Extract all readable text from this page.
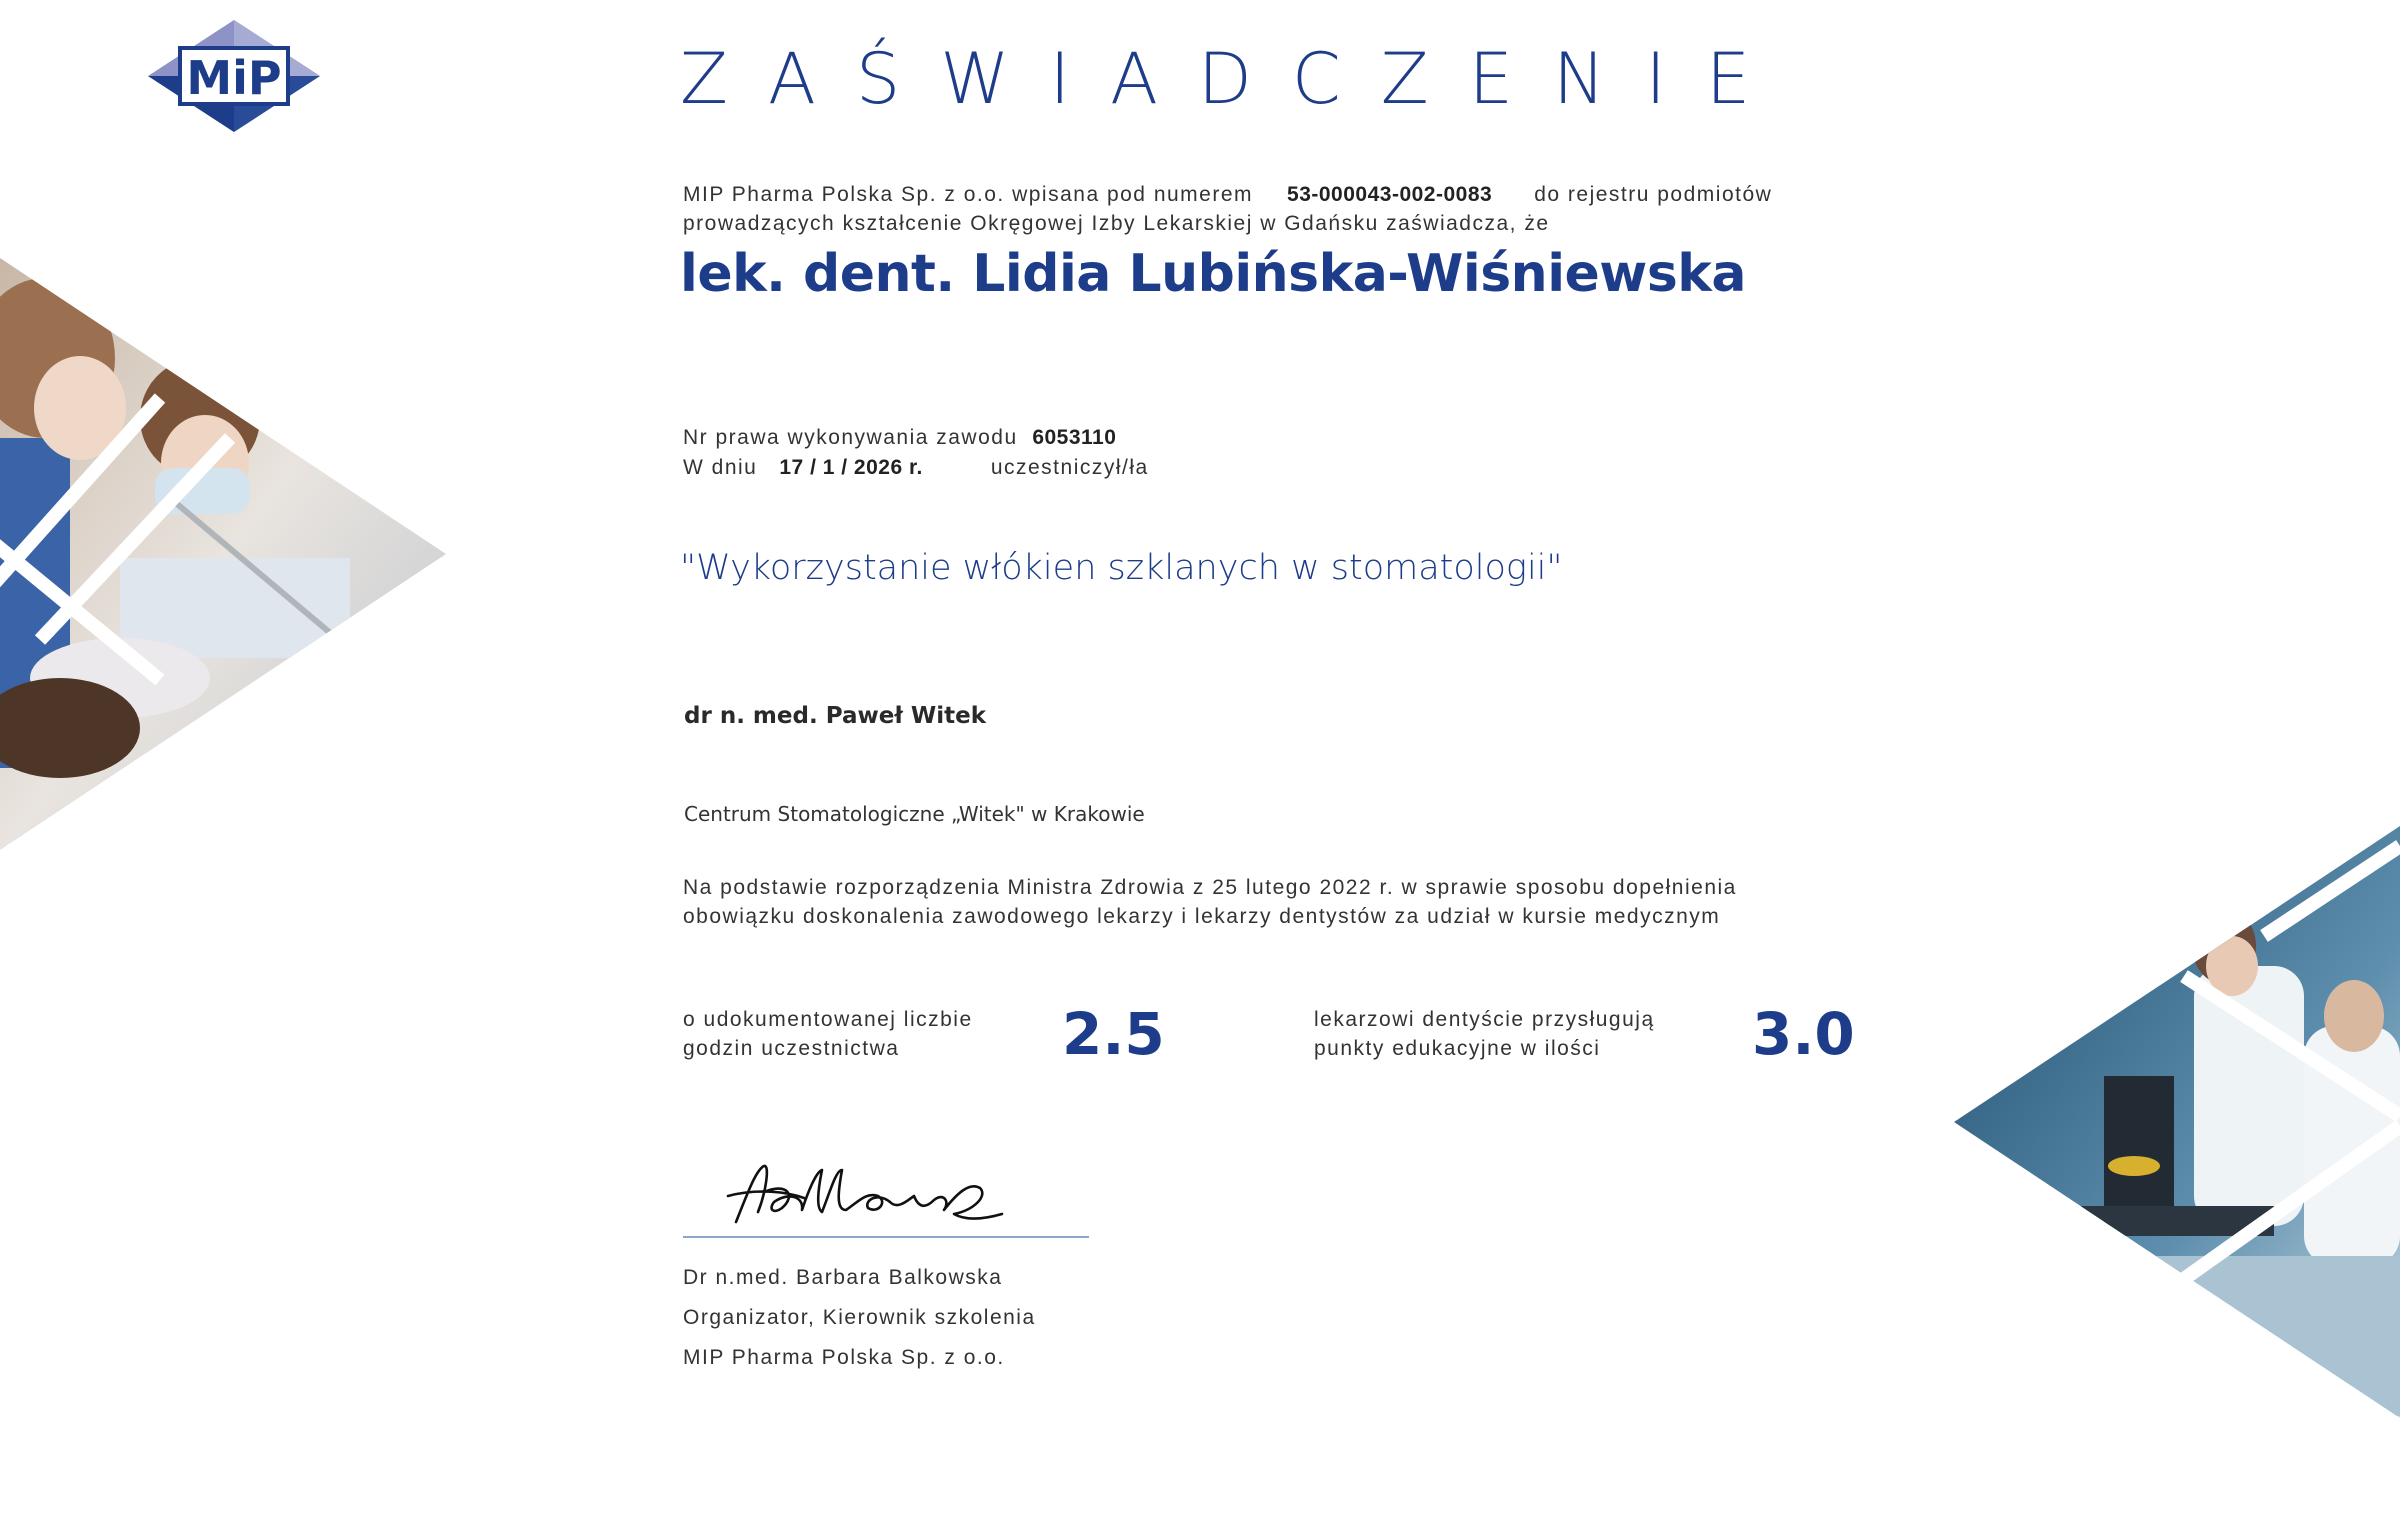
MiP	ZAŚWIADCZENIE
MIP Pharma Polska Sp. z o.o. wpisana pod numerem 53-000043-002-0083 do rejestru podmiotów
prowadzących kształcenie Okręgowej Izby Lekarskiej w Gdańsku zaświadcza, że
lek. dent. Lidia Lubińska-Wiśniewska
Nr prawa wykonywania zawodu 6053110
W dniu 17 / 1 / 2026 r.	uczestniczył/ła
"Wykorzystanie włókien szklanych w stomatologii"
dr n. med. Paweł Witek
Centrum Stomatologiczne „Witek" w Krakowie
Na podstawie rozporządzenia Ministra Zdrowia z 25 lutego 2022 r. w sprawie sposobu dopełnienia
obowiązku doskonalenia zawodowego lekarzy i lekarzy dentystów za udział w kursie medycznym
o udokumentowanej liczbie
godzin uczestnictwa	2.5	lekarzowi dentyście przysługują
punkty edukacyjne w ilości	3.0
Dr n.med. Barbara Balkowska
Organizator, Kierownik szkolenia
MIP Pharma Polska Sp. z o.o.
